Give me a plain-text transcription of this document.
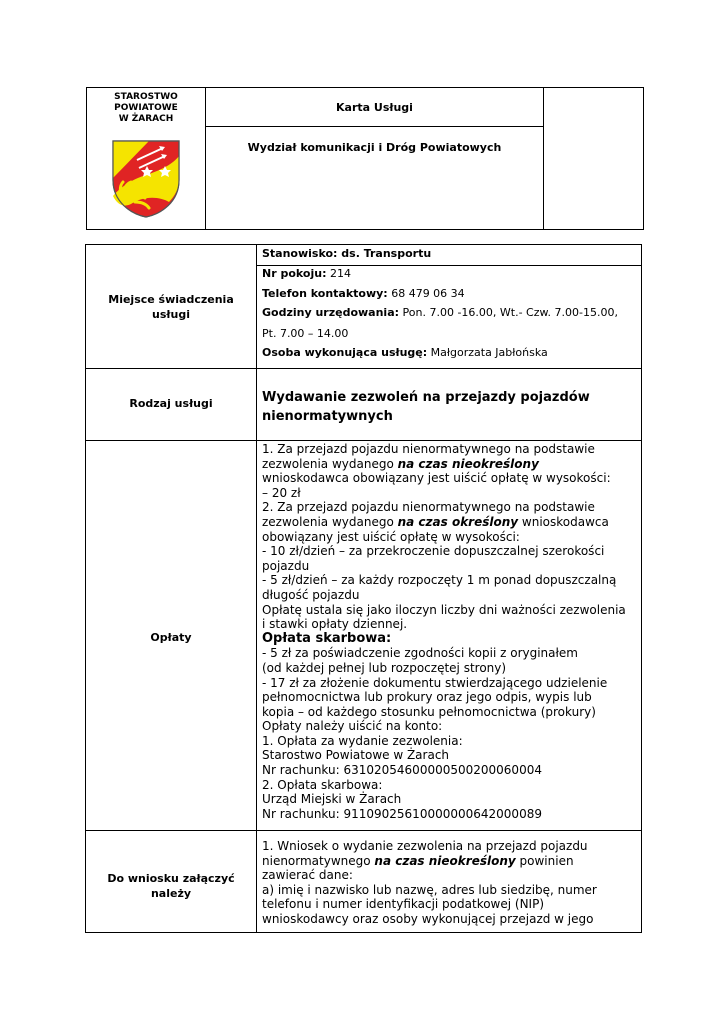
STAROSTWO
POWIATOWE
W ŻARACH
Karta Usługi
Wydział komunikacji i Dróg Powiatowych
Miejsce świadczenia
usługi
Stanowisko: ds. Transportu
Nr pokoju: 214
Telefon kontaktowy: 68 479 06 34
Godziny urzędowania: Pon. 7.00 -16.00, Wt.- Czw. 7.00-15.00,
Pt. 7.00 – 14.00
Osoba wykonująca usługę: Małgorzata Jabłońska
Rodzaj usługi	Wydawanie zezwoleń na przejazdy pojazdów
nienormatywnych
Opłaty
1. Za przejazd pojazdu nienormatywnego na podstawie
zezwolenia wydanego na czas nieokreślony
wnioskodawca obowiązany jest uiścić opłatę w wysokości:
– 20 zł
2. Za przejazd pojazdu nienormatywnego na podstawie
zezwolenia wydanego na czas określony wnioskodawca
obowiązany jest uiścić opłatę w wysokości:
- 10 zł/dzień – za przekroczenie dopuszczalnej szerokości
pojazdu
- 5 zł/dzień – za każdy rozpoczęty 1 m ponad dopuszczalną
długość pojazdu
Opłatę ustala się jako iloczyn liczby dni ważności zezwolenia
i stawki opłaty dziennej.
Opłata skarbowa:
- 5 zł za poświadczenie zgodności kopii z oryginałem
(od każdej pełnej lub rozpoczętej strony)
- 17 zł za złożenie dokumentu stwierdzającego udzielenie
pełnomocnictwa lub prokury oraz jego odpis, wypis lub
kopia – od każdego stosunku pełnomocnictwa (prokury)
Opłaty należy uiścić na konto:
1. Opłata za wydanie zezwolenia:
Starostwo Powiatowe w Żarach
Nr rachunku: 63102054600000500200060004
2. Opłata skarbowa:
Urząd Miejski w Żarach
Nr rachunku: 91109025610000000642000089
Do wniosku załączyć
należy
1. Wniosek o wydanie zezwolenia na przejazd pojazdu
nienormatywnego na czas nieokreślony powinien
zawierać dane:
a) imię i nazwisko lub nazwę, adres lub siedzibę, numer
telefonu i numer identyfikacji podatkowej (NIP)
wnioskodawcy oraz osoby wykonującej przejazd w jego
